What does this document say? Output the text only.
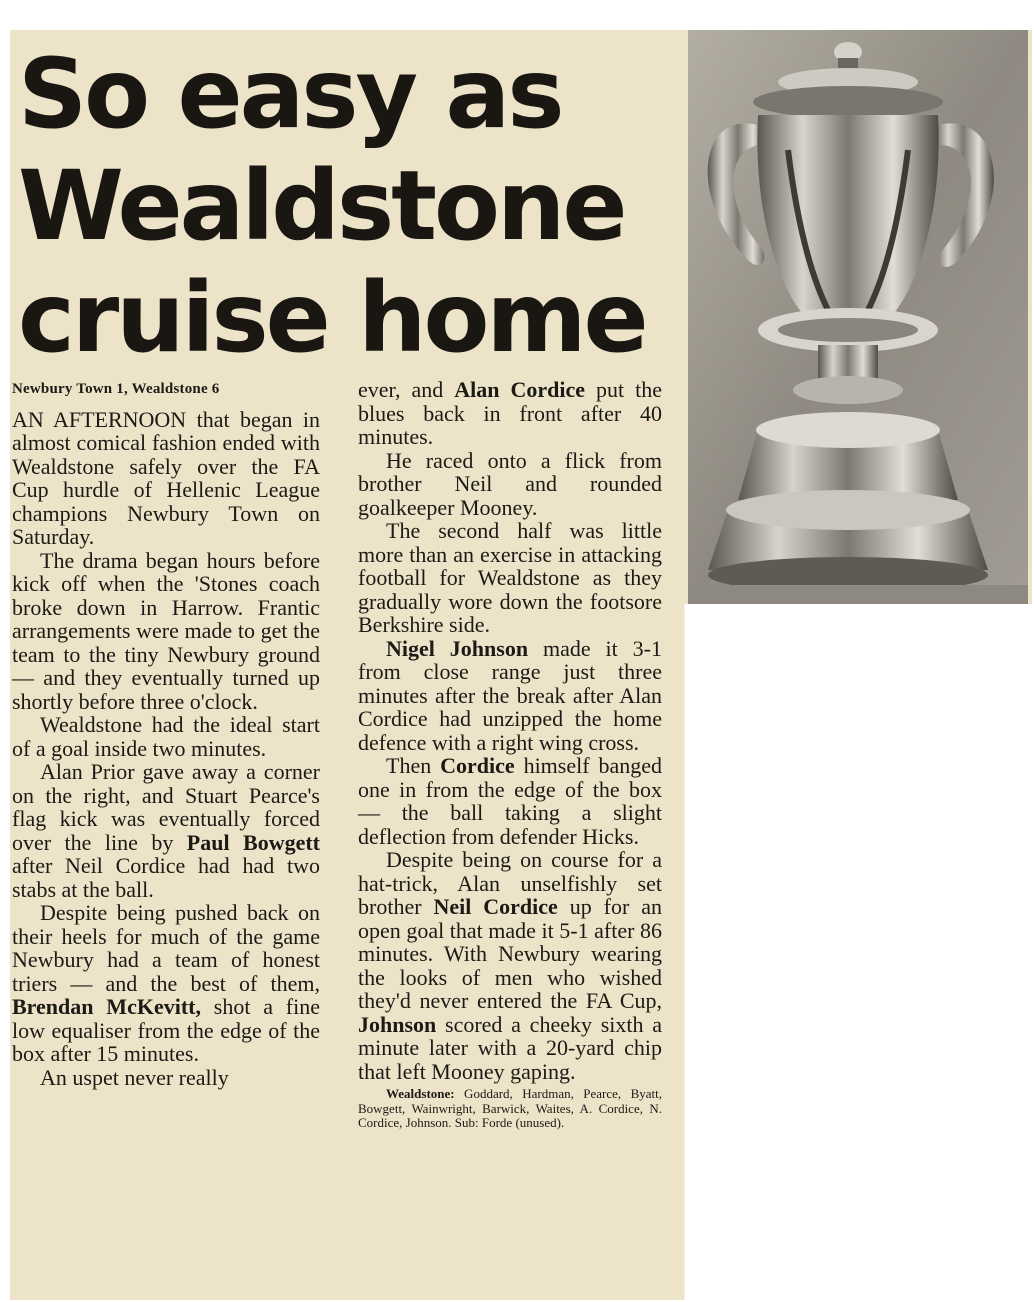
So easy as
Wealdstone
cruise home

Newbury Town 1, Wealdstone 6

AN AFTERNOON that began in almost comical fashion ended with Wealdstone safely over the FA Cup hurdle of Hellenic League champions Newbury Town on Saturday.

The drama began hours before kick off when the 'Stones coach broke down in Harrow. Frantic arrangements were made to get the team to the tiny Newbury ground — and they eventually turned up shortly before three o'clock.

Wealdstone had the ideal start of a goal inside two minutes.

Alan Prior gave away a corner on the right, and Stuart Pearce's flag kick was eventually forced over the line by Paul Bowgett after Neil Cordice had had two stabs at the ball.

Despite being pushed back on their heels for much of the game Newbury had a team of honest triers — and the best of them, Brendan McKevitt, shot a fine low equaliser from the edge of the box after 15 minutes.

An uspet never really

ever, and Alan Cordice put the blues back in front after 40 minutes.

He raced onto a flick from brother Neil and rounded goalkeeper Mooney.

The second half was little more than an exercise in attacking football for Wealdstone as they gradually wore down the footsore Berkshire side.

Nigel Johnson made it 3-1 from close range just three minutes after the break after Alan Cordice had unzipped the home defence with a right wing cross.

Then Cordice himself banged one in from the edge of the box — the ball taking a slight deflection from defender Hicks.

Despite being on course for a hat-trick, Alan unselfishly set brother Neil Cordice up for an open goal that made it 5-1 after 86 minutes. With Newbury wearing the looks of men who wished they'd never entered the FA Cup, Johnson scored a cheeky sixth a minute later with a 20-yard chip that left Mooney gaping.

Wealdstone: Goddard, Hardman, Pearce, Byatt, Bowgett, Wainwright, Barwick, Waites, A. Cordice, N. Cordice, Johnson. Sub: Forde (unused).
